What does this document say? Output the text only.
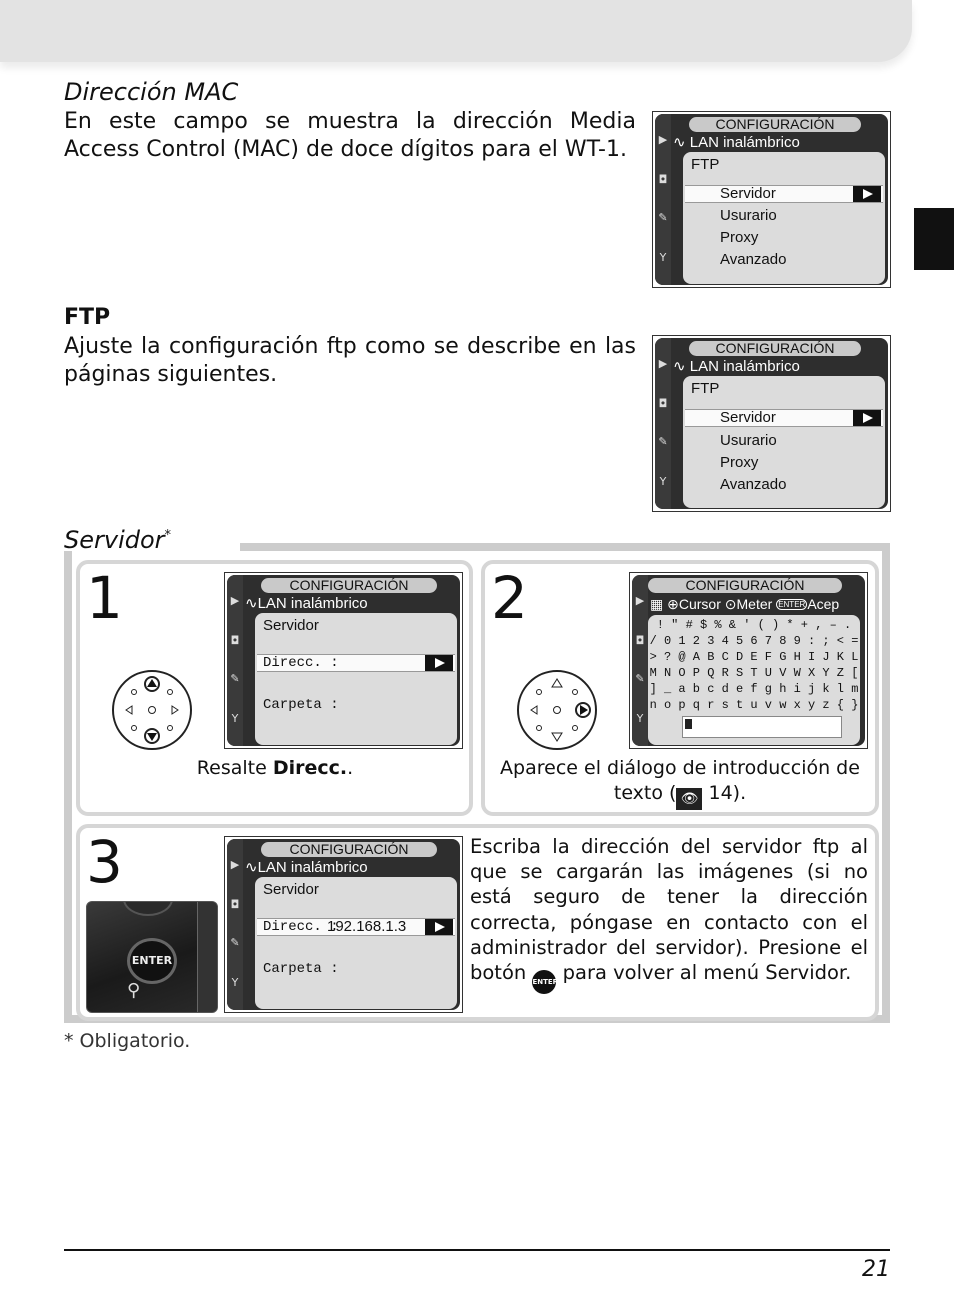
Dirección MAC
En este campo se muestra la dirección Media Access Control (MAC) de doce dígitos para el WT-1.	▶
◘
✎
Y
CONFIGURACIÓN
∿ LAN inalámbrico
FTP
Servidor
Usurario
Proxy
Avanzado
FTP
Ajuste la configuración ftp como se describe en las páginas siguientes.	▶
◘
✎
Y
CONFIGURACIÓN
∿ LAN inalámbrico
FTP
Servidor
Usurario
Proxy
Avanzado
Servidor*
1	▶
◘
✎
Y
CONFIGURACIÓN
∿LAN inalámbrico
Servidor
Direcc. :
Carpeta :
Resalte Direcc..
2	▶
◘
✎
Y
CONFIGURACIÓN
▦ ⊕Cursor ⊙Meter ENTER Acep
! " # $ % & ' ( ) * + , – .
/ 0 1 2 3 4 5 6 7 8 9 : ; < =
> ? @ A B C D E F G H I J K L
M N O P Q R S T U V W X Y Z [
] _ a b c d e f g h i j k l m
n o p q r s t u v w x y z { }
Aparece el diálogo de introducción de
texto ( 👁 14).
3
ENTER
⚲
▶
◘
✎
Y
CONFIGURACIÓN
∿LAN inalámbrico
Servidor
Direcc. :
192.168.1.3
Carpeta :
Escriba la dirección del servidor ftp al que se cargarán las imágenes (si no está seguro de tener la dirección correcta, póngase en contacto con el administrador del servidor). Presione el botón ENTER para volver al menú Servidor.
* Obligatorio.
21
